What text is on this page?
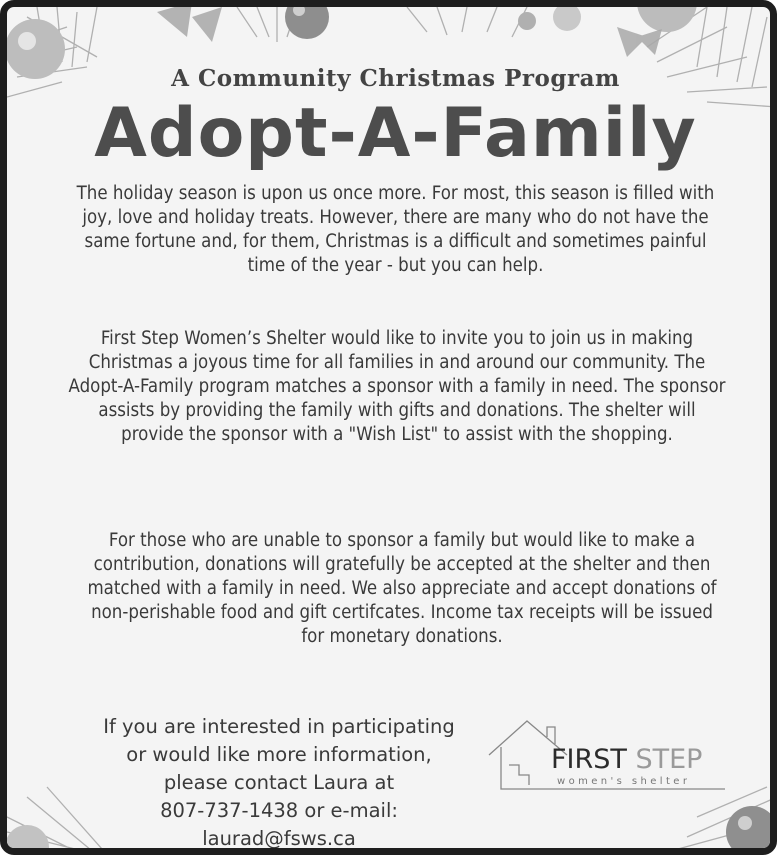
A Community Christmas Program
Adopt-A-Family

The holiday season is upon us once more. For most, this season is filled with joy, love and holiday treats. However, there are many who do not have the same fortune and, for them, Christmas is a difficult and sometimes painful time of the year - but you can help.

First Step Women’s Shelter would like to invite you to join us in making Christmas a joyous time for all families in and around our community. The Adopt-A-Family program matches a sponsor with a family in need. The sponsor assists by providing the family with gifts and donations. The shelter will provide the sponsor with a "Wish List" to assist with the shopping.

For those who are unable to sponsor a family but would like to make a contribution, donations will gratefully be accepted at the shelter and then matched with a family in need. We also appreciate and accept donations of non-perishable food and gift certifcates. Income tax receipts will be issued for monetary donations.

If you are interested in participating
or would like more information,
please contact Laura at
807-737-1438 or e-mail:
laurad@fsws.ca
FIRST STEP
women's shelter
